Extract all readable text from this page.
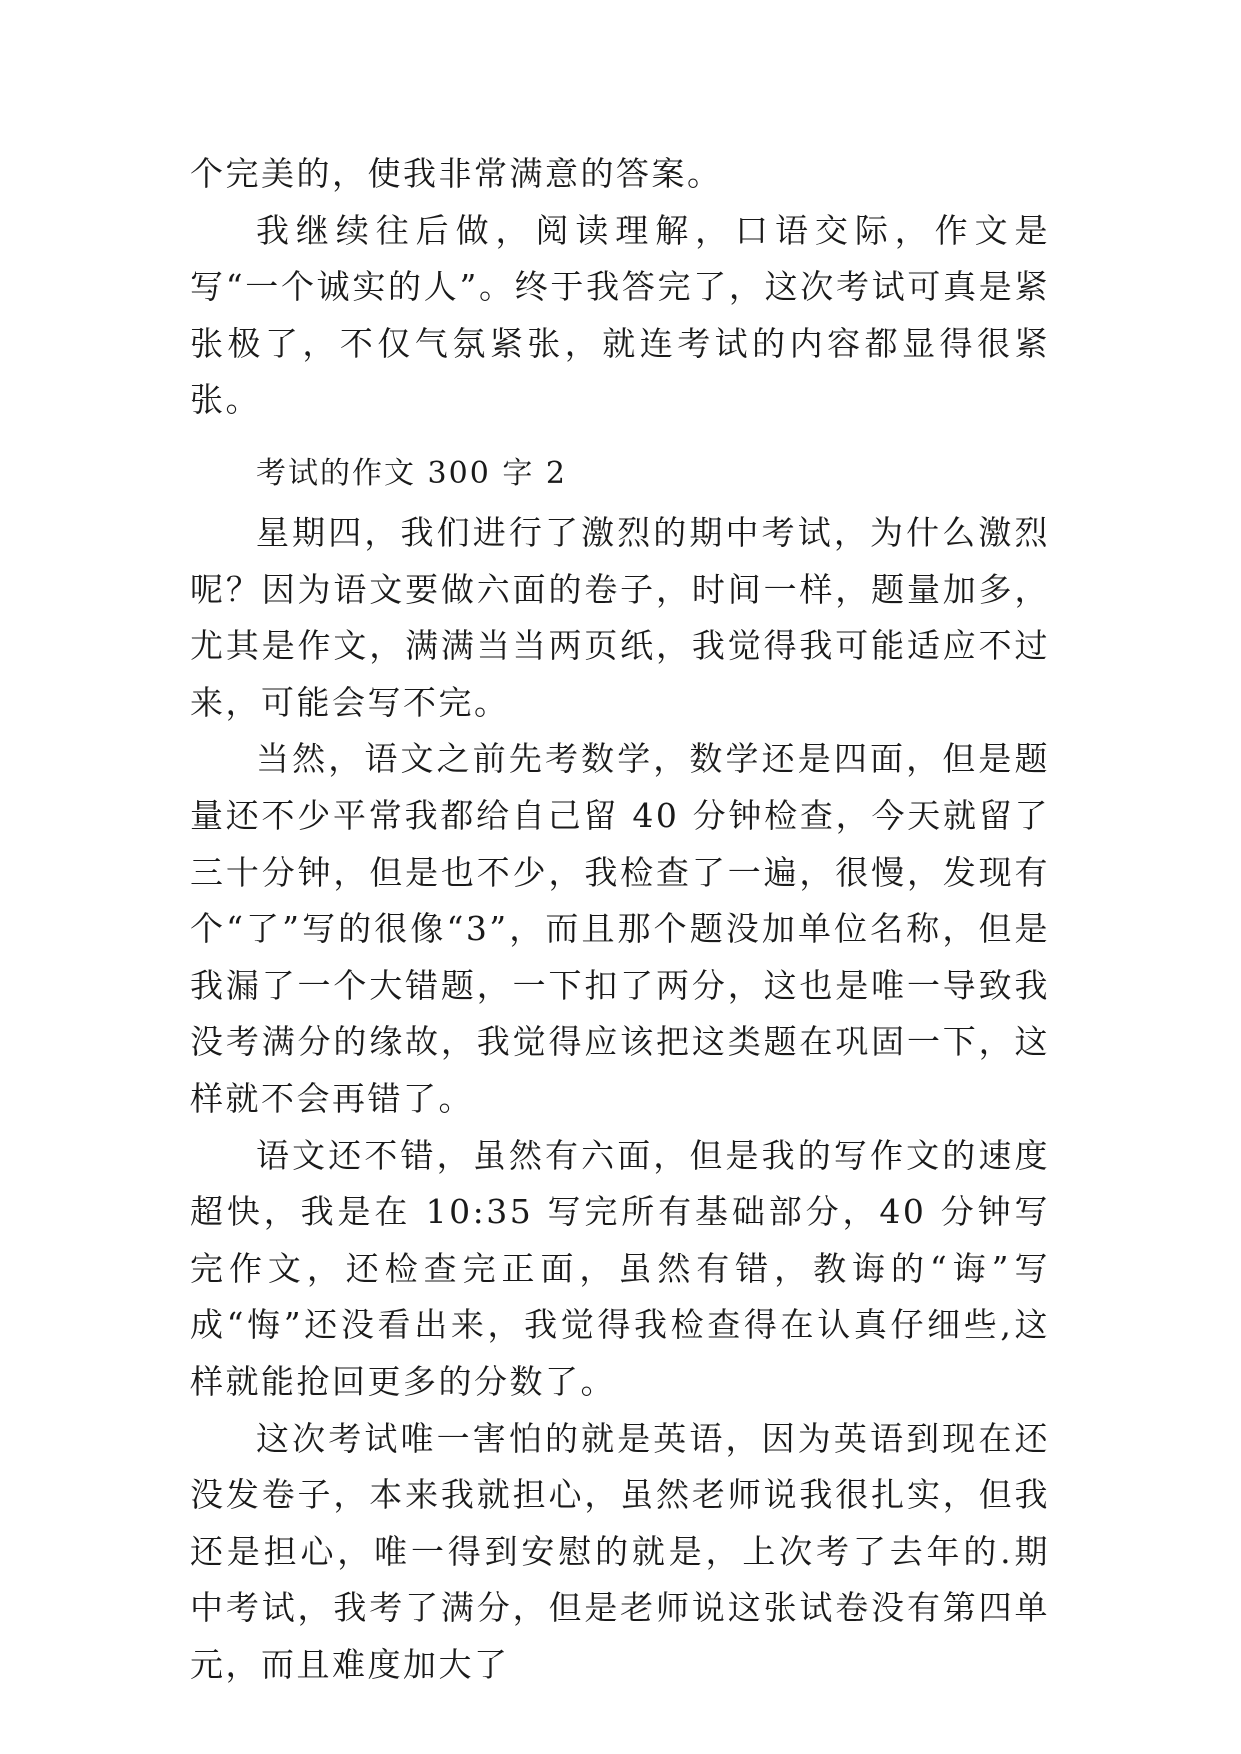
个完美的，使我非常满意的答案。

我继续往后做，阅读理解，口语交际，作文是写“一个诚实的人”。终于我答完了，这次考试可真是紧张极了，不仅气氛紧张，就连考试的内容都显得很紧张。

考试的作文 300 字 2

星期四，我们进行了激烈的期中考试，为什么激烈呢？因为语文要做六面的卷子，时间一样，题量加多，尤其是作文，满满当当两页纸，我觉得我可能适应不过来，可能会写不完。

当然，语文之前先考数学，数学还是四面，但是题量还不少平常我都给自己留 40 分钟检查，今天就留了三十分钟，但是也不少，我检查了一遍，很慢，发现有个“了”写的很像“3”，而且那个题没加单位名称，但是我漏了一个大错题，一下扣了两分，这也是唯一导致我没考满分的缘故，我觉得应该把这类题在巩固一下，这样就不会再错了。

语文还不错，虽然有六面，但是我的写作文的速度超快，我是在 10:35 写完所有基础部分，40 分钟写完作文，还检查完正面，虽然有错，教诲的“诲”写成“悔”还没看出来，我觉得我检查得在认真仔细些,这样就能抢回更多的分数了。

这次考试唯一害怕的就是英语，因为英语到现在还没发卷子，本来我就担心，虽然老师说我很扎实，但我还是担心，唯一得到安慰的就是，上次考了去年的.期中考试，我考了满分，但是老师说这张试卷没有第四单元，而且难度加大了
